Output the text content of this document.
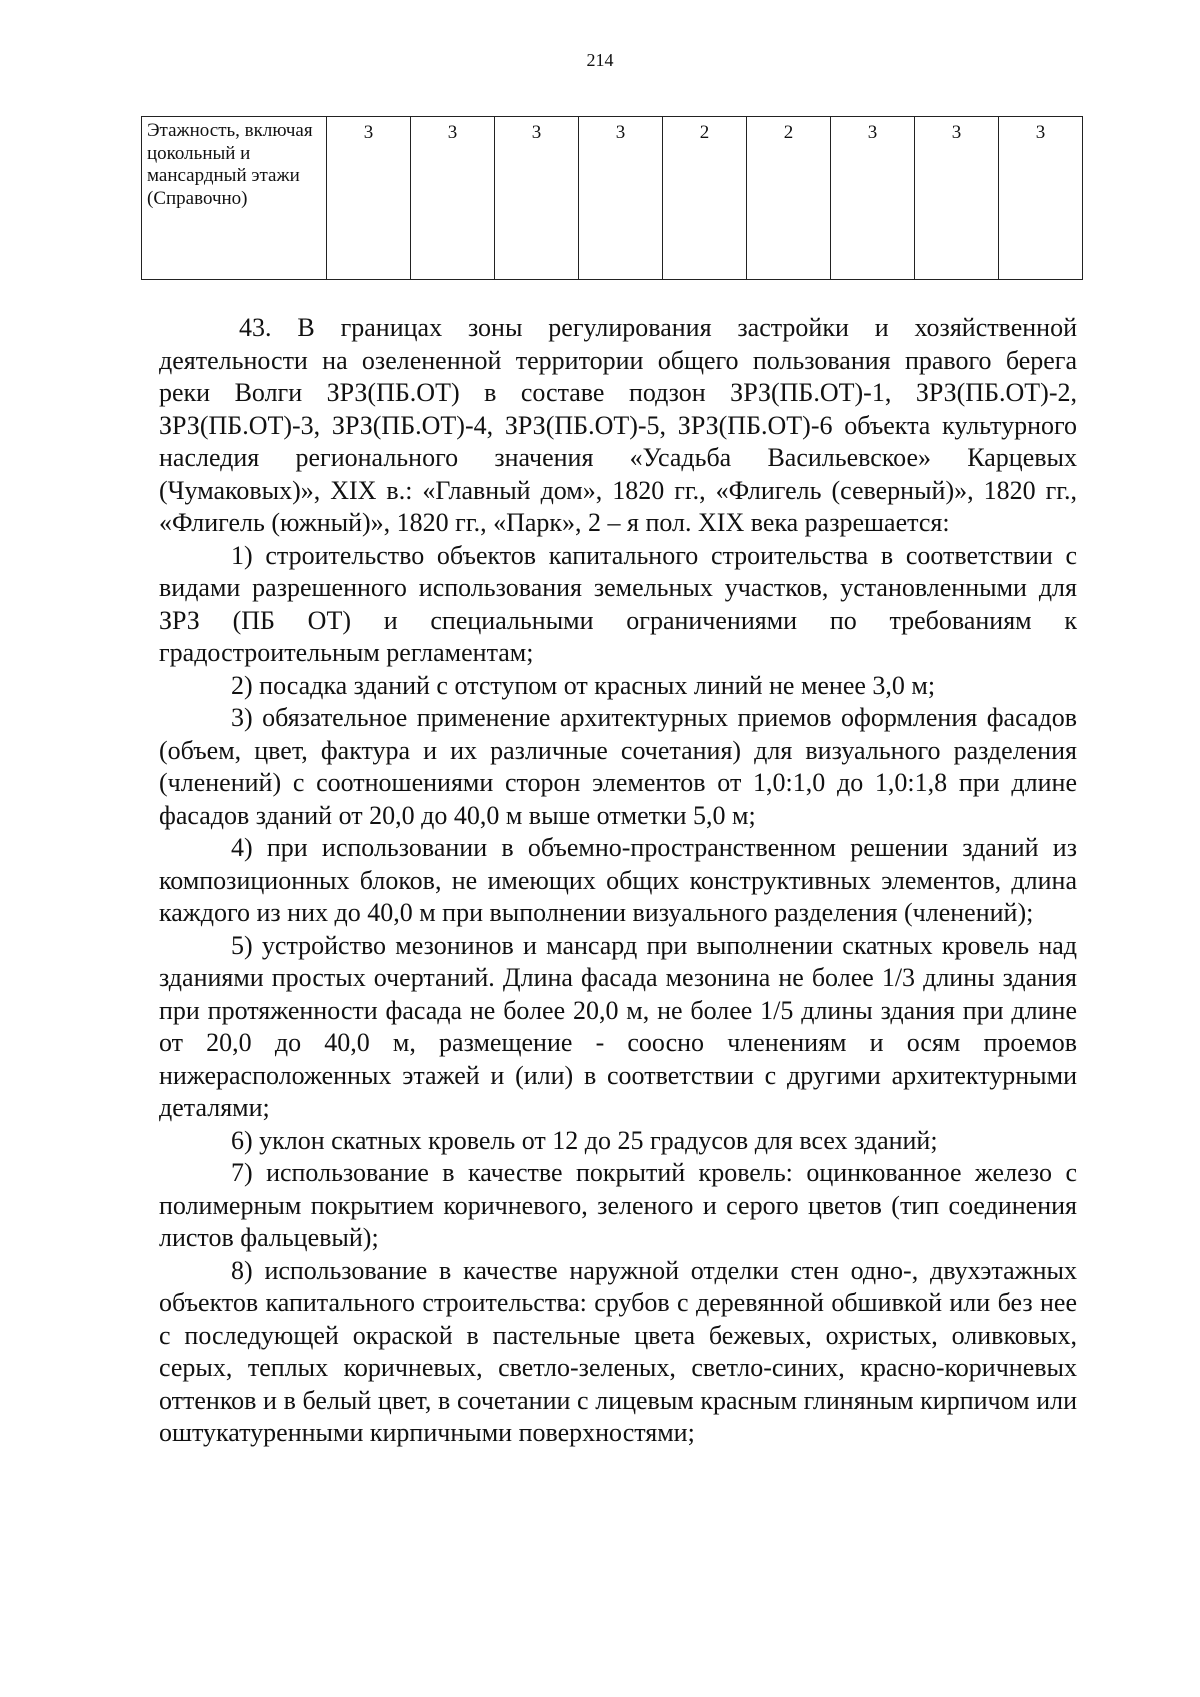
214
Этажность, включая цокольный и мансардный этажи (Справочно)	3	3	3	3	2	2	3	3	3

43. В границах зоны регулирования застройки и хозяйственной деятельности на озелененной территории общего пользования правого берега реки Волги ЗРЗ(ПБ.ОТ) в составе подзон ЗРЗ(ПБ.ОТ)-1, ЗРЗ(ПБ.ОТ)-2, ЗРЗ(ПБ.ОТ)-3, ЗРЗ(ПБ.ОТ)-4, ЗРЗ(ПБ.ОТ)-5, ЗРЗ(ПБ.ОТ)-6 объекта культурного наследия регионального значения «Усадьба Васильевское» Карцевых (Чумаковых)», XIX в.: «Главный дом», 1820 гг., «Флигель (северный)», 1820 гг., «Флигель (южный)», 1820 гг., «Парк», 2 – я пол. XIX века разрешается:

1) строительство объектов капитального строительства в соответствии с видами разрешенного использования земельных участков, установленными для ЗРЗ (ПБ ОТ) и специальными ограничениями по требованиям к градостроительным регламентам;

2) посадка зданий с отступом от красных линий не менее 3,0 м;

3) обязательное применение архитектурных приемов оформления фасадов (объем, цвет, фактура и их различные сочетания) для визуального разделения (членений) с соотношениями сторон элементов от 1,0:1,0 до 1,0:1,8 при длине фасадов зданий от 20,0 до 40,0 м выше отметки 5,0 м;

4) при использовании в объемно-пространственном решении зданий из композиционных блоков, не имеющих общих конструктивных элементов, длина каждого из них до 40,0 м при выполнении визуального разделения (членений);

5) устройство мезонинов и мансард при выполнении скатных кровель над зданиями простых очертаний. Длина фасада мезонина не более 1/3 длины здания при протяженности фасада не более 20,0 м, не более 1/5 длины здания при длине от 20,0 до 40,0 м, размещение - соосно членениям и осям проемов нижерасположенных этажей и (или) в соответствии с другими архитектурными деталями;

6) уклон скатных кровель от 12 до 25 градусов для всех зданий;

7) использование в качестве покрытий кровель: оцинкованное железо с полимерным покрытием коричневого, зеленого и серого цветов (тип соединения листов фальцевый);

8) использование в качестве наружной отделки стен одно-, двухэтажных объектов капитального строительства: срубов с деревянной обшивкой или без нее с последующей окраской в пастельные цвета бежевых, охристых, оливковых, серых, теплых коричневых, светло-зеленых, светло-синих, красно-коричневых оттенков и в белый цвет, в сочетании с лицевым красным глиняным кирпичом или оштукатуренными кирпичными поверхностями;
